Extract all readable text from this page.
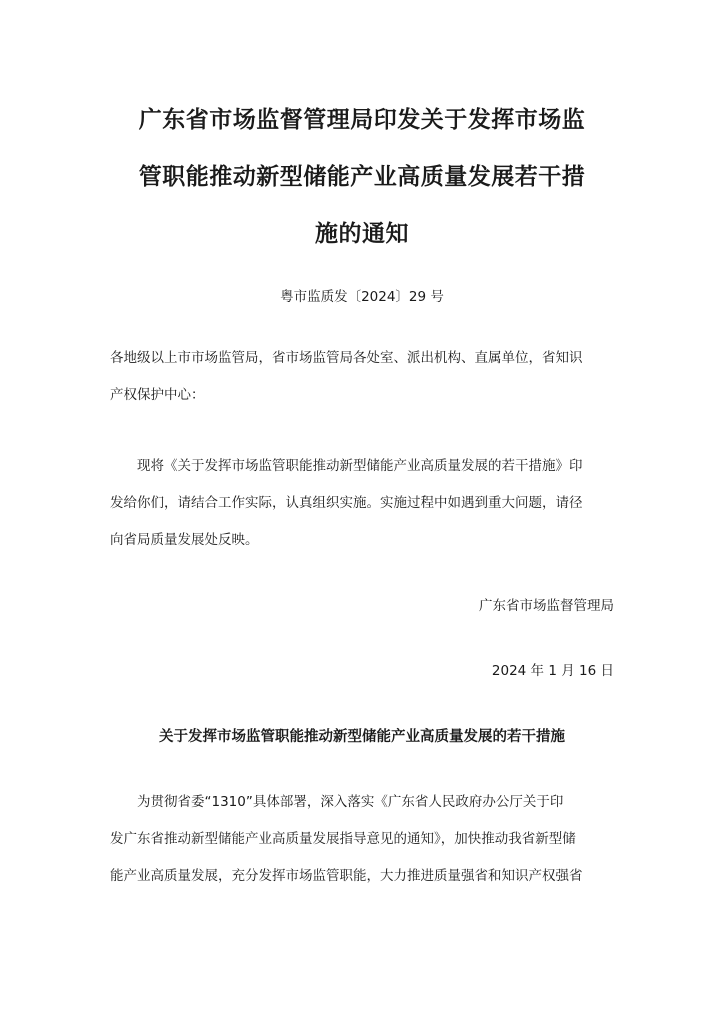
广东省市场监督管理局印发关于发挥市场监
管职能推动新型储能产业高质量发展若干措
施的通知
粤市监质发〔2024〕29 号
各地级以上市市场监管局，省市场监管局各处室、派出机构、直属单位，省知识
产权保护中心：
　　现将《关于发挥市场监管职能推动新型储能产业高质量发展的若干措施》印
发给你们，请结合工作实际，认真组织实施。实施过程中如遇到重大问题，请径
向省局质量发展处反映。
广东省市场监督管理局
2024 年 1 月 16 日
关于发挥市场监管职能推动新型储能产业高质量发展的若干措施
　　为贯彻省委“1310”具体部署，深入落实《广东省人民政府办公厅关于印
发广东省推动新型储能产业高质量发展指导意见的通知》，加快推动我省新型储
能产业高质量发展，充分发挥市场监管职能，大力推进质量强省和知识产权强省
